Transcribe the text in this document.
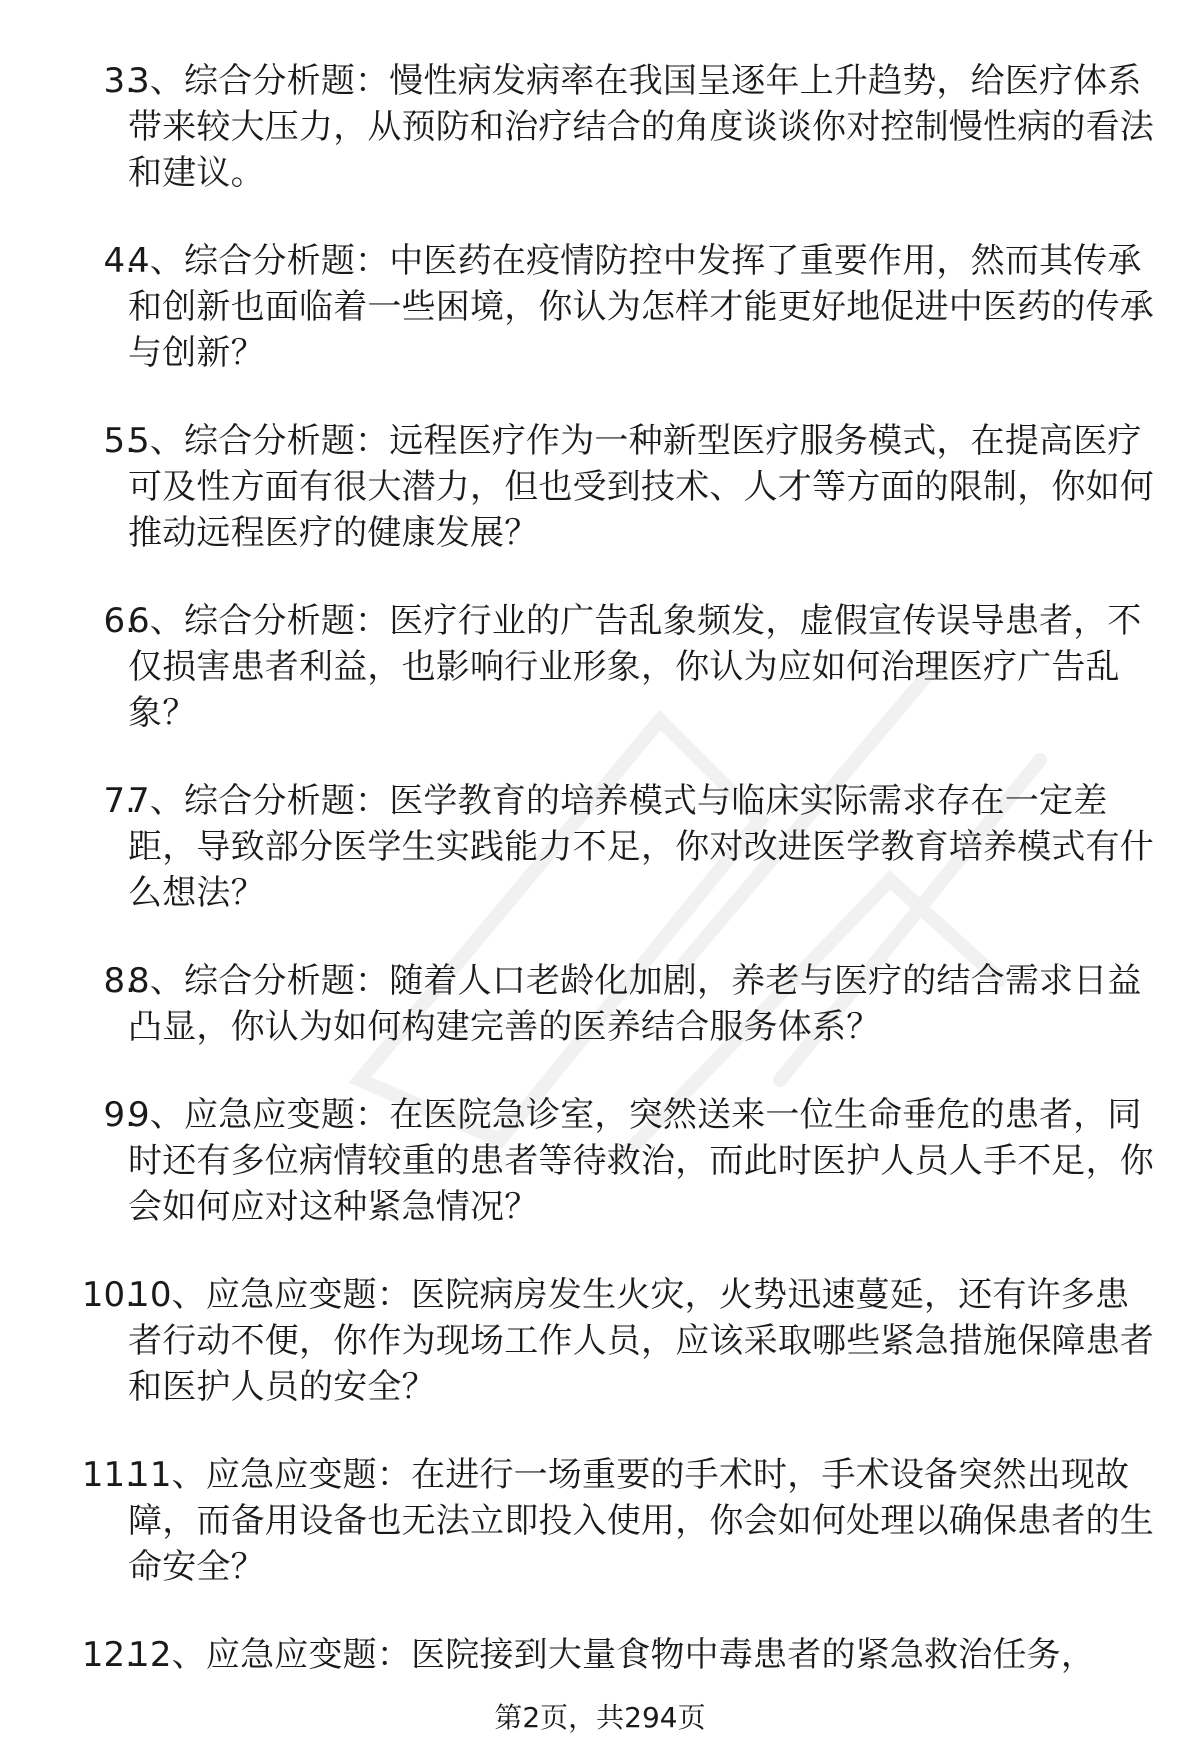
3.
3、综合分析题：慢性病发病率在我国呈逐年上升趋势，给医疗体系带来较大压力，从预防和治疗结合的角度谈谈你对控制慢性病的看法和建议。
4.
4、综合分析题：中医药在疫情防控中发挥了重要作用，然而其传承和创新也面临着一些困境，你认为怎样才能更好地促进中医药的传承与创新？
5.
5、综合分析题：远程医疗作为一种新型医疗服务模式，在提高医疗可及性方面有很大潜力，但也受到技术、人才等方面的限制，你如何推动远程医疗的健康发展？
6.
6、综合分析题：医疗行业的广告乱象频发，虚假宣传误导患者，不仅损害患者利益，也影响行业形象，你认为应如何治理医疗广告乱象？
7.
7、综合分析题：医学教育的培养模式与临床实际需求存在一定差距，导致部分医学生实践能力不足，你对改进医学教育培养模式有什么想法？
8.
8、综合分析题：随着人口老龄化加剧，养老与医疗的结合需求日益凸显，你认为如何构建完善的医养结合服务体系？
9.
9、应急应变题：在医院急诊室，突然送来一位生命垂危的患者，同时还有多位病情较重的患者等待救治，而此时医护人员人手不足，你会如何应对这种紧急情况？
10.
10、应急应变题：医院病房发生火灾，火势迅速蔓延，还有许多患者行动不便，你作为现场工作人员，应该采取哪些紧急措施保障患者和医护人员的安全？
11.
11、应急应变题：在进行一场重要的手术时，手术设备突然出现故障，而备用设备也无法立即投入使用，你会如何处理以确保患者的生命安全？
12.
12、应急应变题：医院接到大量食物中毒患者的紧急救治任务，
第2页，共294页
